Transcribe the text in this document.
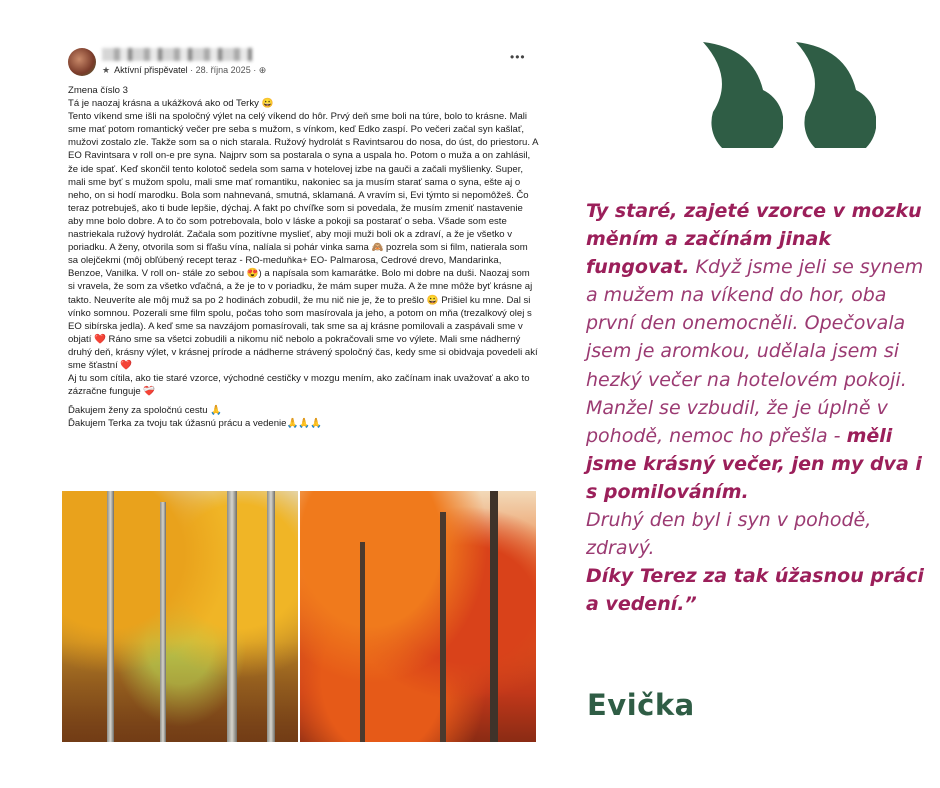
★ Aktívní přispěvatel · 28. října 2025 · ⊕
•••

Zmena číslo 3

Tá je naozaj krásna a ukážková ako od Terky 😀

Tento víkend sme išli na spoločný výlet na celý víkend do hôr. Prvý deň sme boli na túre, bolo to krásne. Mali sme mať potom romantický večer pre seba s mužom, s vínkom, keď Edko zaspí. Po večeri začal syn kašlať, mužovi zostalo zle. Takže som sa o nich starala. Ružový hydrolát s Ravintsarou do nosa, do úst, do priestoru. A EO Ravintsara v roll on-e pre syna. Najprv som sa postarala o syna a uspala ho. Potom o muža a on zahlásil, že ide spať. Keď skončil tento kolotoč sedela som sama v hotelovej izbe na gauči a začali myšlienky. Super, mali sme byť s mužom spolu, mali sme mať romantiku, nakoniec sa ja musím starať sama o syna, ešte aj o neho, on si hodí marodku. Bola som nahnevaná, smutná, sklamaná. A vravím si, Evi týmto si nepomôžeš. Čo teraz potrebuješ, ako ti bude lepšie, dýchaj. A fakt po chvíľke som si povedala, že musím zmeniť nastavenie aby mne bolo dobre. A to čo som potrebovala, bolo v láske a pokoji sa postarať o seba. Všade som este nastriekala ružový hydrolát. Začala som pozitívne myslieť, aby moji muži boli ok a zdraví, a že je všetko v poriadku. A ženy, otvorila som si fľašu vína, nalíala si pohár vinka sama 🙈 pozrela som si film, natierala som sa olejčekmi (môj obľúbený recept teraz - RO-meduňka+ EO- Palmarosa, Cedrové drevo, Mandarinka, Benzoe, Vanilka. V roll on- stále zo sebou 😍) a napísala som kamarátke. Bolo mi dobre na duši. Naozaj som si vravela, že som za všetko vďačná, a že je to v poriadku, že mám super muža. A že mne môže byť krásne aj takto. Neuveríte ale môj muž sa po 2 hodinách zobudil, že mu nič nie je, že to prešlo 😀 Prišiel ku mne. Dal si vínko somnou. Pozerali sme film spolu, počas toho som masírovala ja jeho, a potom on mňa (trezalkový olej s EO sibírska jedla). A keď sme sa navzájom pomasírovali, tak sme sa aj krásne pomilovali a zaspávali sme v objatí ❤️ Ráno sme sa všetci zobudili a nikomu nič nebolo a pokračovali sme vo výlete. Mali sme nádherný druhý deň, krásny výlet, v krásnej prírode a nádherne strávený spoločný čas, kedy sme si obidvaja povedeli akí sme šťastní ❤️

Aj tu som cítila, ako tie staré vzorce, východné cestičky v mozgu mením, ako začínam inak uvažovať a ako to zázračne funguje ❤️‍🩹

Ďakujem ženy za spoločnú cestu 🙏

Ďakujem Terka za tvoju tak úžasnú prácu a vedenie🙏🙏🙏

Ty staré, zajeté vzorce v mozku měním a začínám jinak fungovat. Když jsme jeli se synem a mužem na víkend do hor, oba první den onemocněli. Opečovala jsem je aromkou, udělala jsem si hezký večer na hotelovém pokoji. Manžel se vzbudil, že je úplně v pohodě, nemoc ho přešla - měli jsme krásný večer, jen my dva i s pomilováním.
Druhý den byl i syn v pohodě, zdravý.
Díky Terez za tak úžasnou práci a vedení.”
Evička
